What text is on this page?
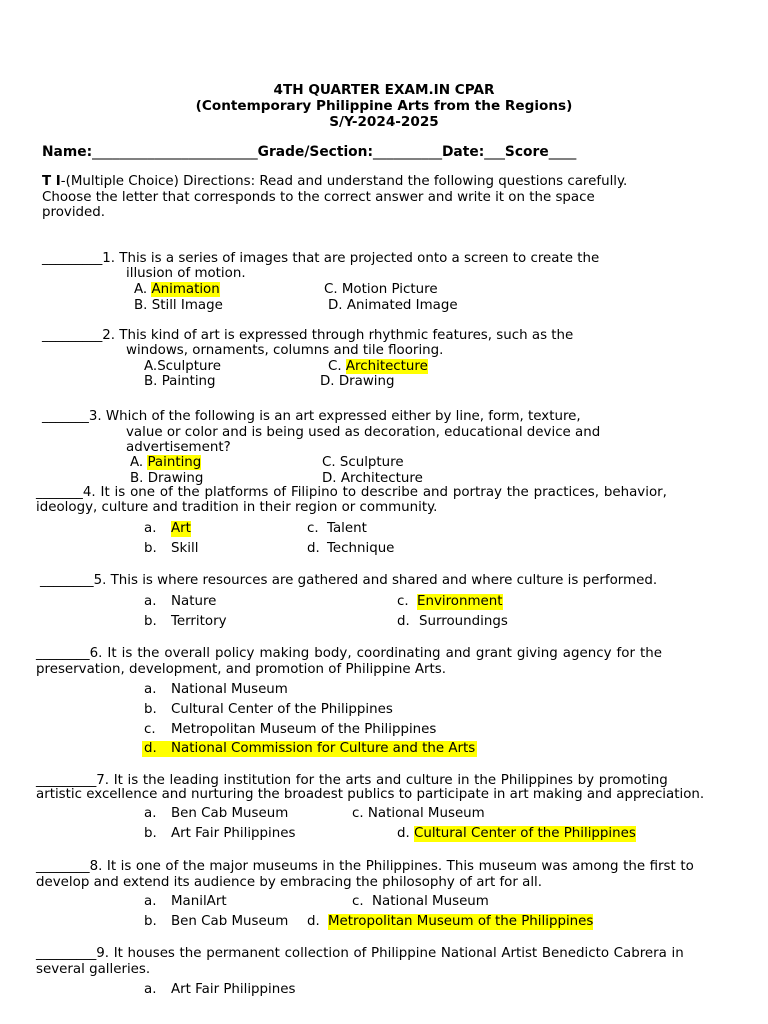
4TH QUARTER EXAM.IN CPAR
(Contemporary Philippine Arts from the Regions)
S/Y-2024-2025
Name:________________________Grade/Section:__________Date:___Score____
T I-(Multiple Choice) Directions: Read and understand the following questions carefully.
Choose the letter that corresponds to the correct answer and write it on the space
provided.
_________1. This is a series of images that are projected onto a screen to create the
illusion of motion.
A. Animation	C. Motion Picture
B. Still Image	D. Animated Image
_________2. This kind of art is expressed through rhythmic features, such as the
windows, ornaments, columns and tile flooring.
A.Sculpture	C. Architecture
B. Painting	D. Drawing
_______3. Which of the following is an art expressed either by line, form, texture,
value or color and is being used as decoration, educational device and
advertisement?
A. Painting	C. Sculpture
B. Drawing	D. Architecture
_______4. It is one of the platforms of Filipino to describe and portray the practices, behavior,
ideology, culture and tradition in their region or community.
a. Art	c. Talent
b. Skill	d. Technique
________5. This is where resources are gathered and shared and where culture is performed.
a. Nature	c. Environment
b. Territory	d. Surroundings
________6. It is the overall policy making body, coordinating and grant giving agency for the
preservation, development, and promotion of Philippine Arts.
a. National Museum
b. Cultural Center of the Philippines
c. Metropolitan Museum of the Philippines
d. National Commission for Culture and the Arts
_________7. It is the leading institution for the arts and culture in the Philippines by promoting
artistic excellence and nurturing the broadest publics to participate in art making and appreciation.
a. Ben Cab Museum	c. National Museum
b. Art Fair Philippines	d. Cultural Center of the Philippines
________8. It is one of the major museums in the Philippines. This museum was among the first to
develop and extend its audience by embracing the philosophy of art for all.
a. ManilArt	c. National Museum
b. Ben Cab Museum d. Metropolitan Museum of the Philippines
_________9. It houses the permanent collection of Philippine National Artist Benedicto Cabrera in
several galleries.
a. Art Fair Philippines
